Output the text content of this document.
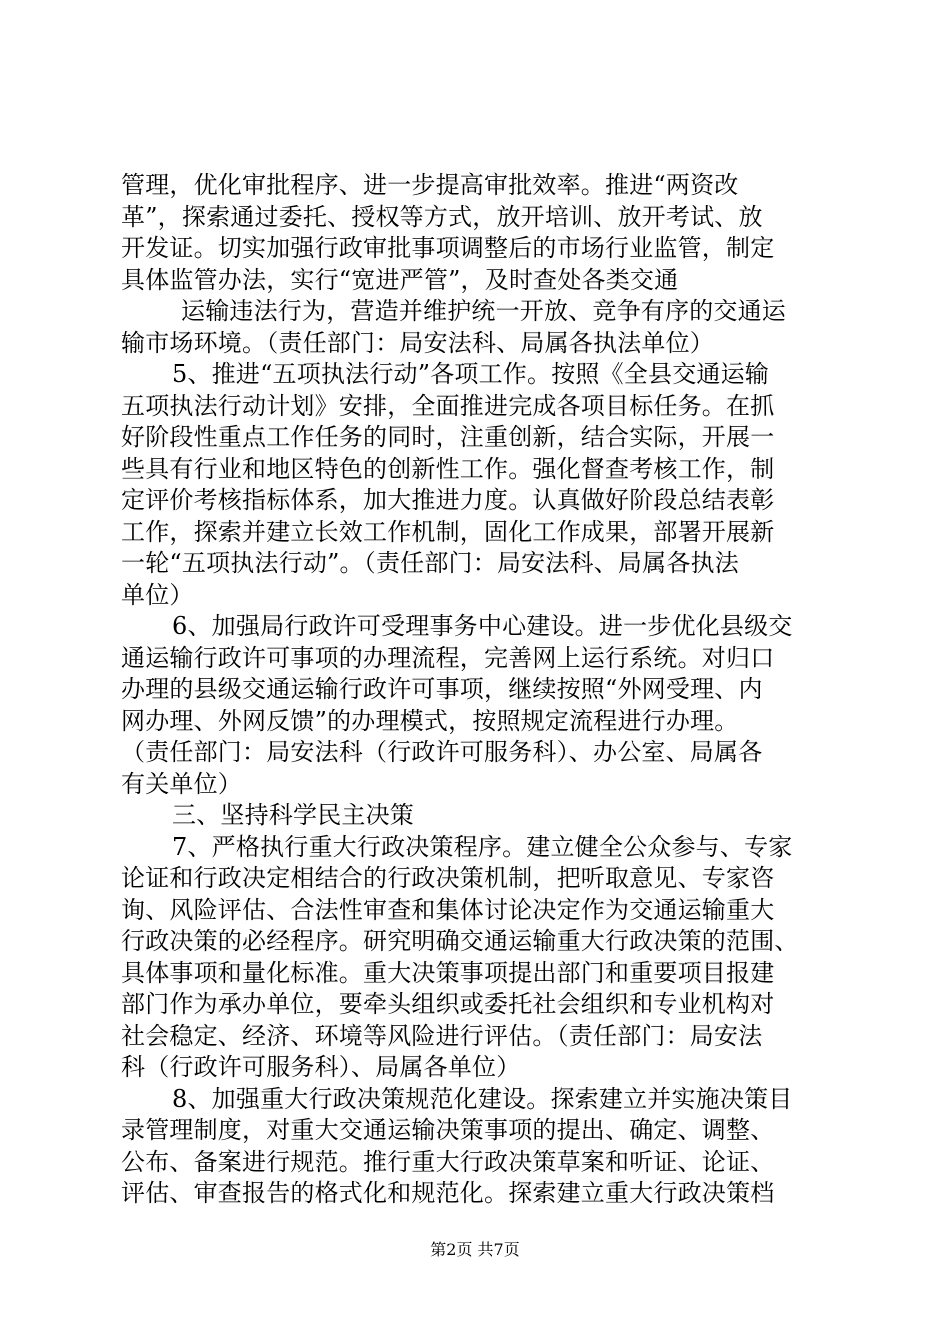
管理，优化审批程序、进一步提高审批效率。推进“两资改
革”，探索通过委托、授权等方式，放开培训、放开考试、放
开发证。切实加强行政审批事项调整后的市场行业监管，制定
具体监管办法，实行“宽进严管”，及时查处各类交通
运输违法行为，营造并维护统一开放、竞争有序的交通运
输市场环境。（责任部门：局安法科、局属各执法单位）
5、推进“五项执法行动”各项工作。按照《全县交通运输
五项执法行动计划》安排，全面推进完成各项目标任务。在抓
好阶段性重点工作任务的同时，注重创新，结合实际，开展一
些具有行业和地区特色的创新性工作。强化督查考核工作，制
定评价考核指标体系，加大推进力度。认真做好阶段总结表彰
工作，探索并建立长效工作机制，固化工作成果，部署开展新
一轮“五项执法行动”。（责任部门：局安法科、局属各执法
单位）
6、加强局行政许可受理事务中心建设。进一步优化县级交
通运输行政许可事项的办理流程，完善网上运行系统。对归口
办理的县级交通运输行政许可事项，继续按照“外网受理、内
网办理、外网反馈”的办理模式，按照规定流程进行办理。
（责任部门：局安法科（行政许可服务科）、办公室、局属各
有关单位）
三、坚持科学民主决策
7、严格执行重大行政决策程序。建立健全公众参与、专家
论证和行政决定相结合的行政决策机制，把听取意见、专家咨
询、风险评估、合法性审查和集体讨论决定作为交通运输重大
行政决策的必经程序。研究明确交通运输重大行政决策的范围、
具体事项和量化标准。重大决策事项提出部门和重要项目报建
部门作为承办单位，要牵头组织或委托社会组织和专业机构对
社会稳定、经济、环境等风险进行评估。（责任部门：局安法
科（行政许可服务科）、局属各单位）
8、加强重大行政决策规范化建设。探索建立并实施决策目
录管理制度，对重大交通运输决策事项的提出、确定、调整、
公布、备案进行规范。推行重大行政决策草案和听证、论证、
评估、审查报告的格式化和规范化。探索建立重大行政决策档
第2页 共7页
